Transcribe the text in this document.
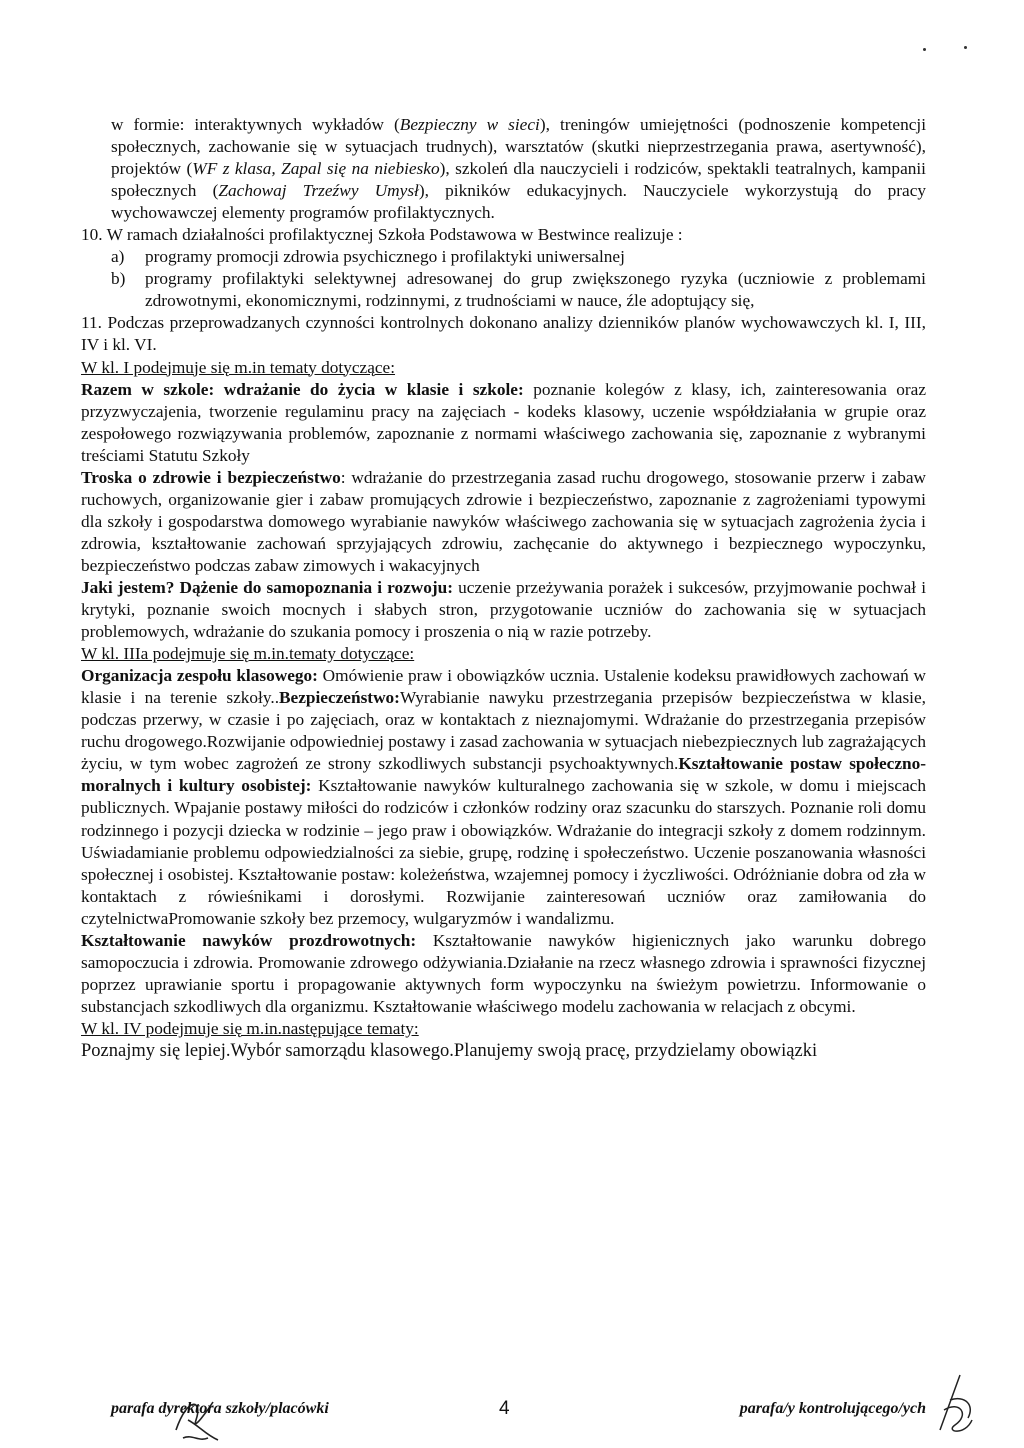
w formie: interaktywnych wykładów (Bezpieczny w sieci), treningów umiejętności (podnoszenie kompetencji społecznych, zachowanie się w sytuacjach trudnych), warsztatów (skutki nieprzestrzegania prawa, asertywność), projektów (WF z klasa, Zapal się na niebiesko), szkoleń dla nauczycieli i rodziców, spektakli teatralnych, kampanii społecznych (Zachowaj Trzeźwy Umysł), pikników edukacyjnych. Nauczyciele wykorzystują do pracy wychowawczej elementy programów profilaktycznych.

10. W ramach działalności profilaktycznej Szkoła Podstawowa w Bestwince realizuje :

a) programy promocji zdrowia psychicznego i profilaktyki uniwersalnej
b) programy profilaktyki selektywnej adresowanej do grup zwiększonego ryzyka (uczniowie z problemami zdrowotnymi, ekonomicznymi, rodzinnymi, z trudnościami w nauce, źle adoptujący się,

11. Podczas przeprowadzanych czynności kontrolnych dokonano analizy dzienników planów wychowawczych kl. I, III, IV i kl. VI.

W kl. I podejmuje się m.in tematy dotyczące:

Razem w szkole: wdrażanie do życia w klasie i szkole: poznanie kolegów z klasy, ich, zainteresowania oraz przyzwyczajenia, tworzenie regulaminu pracy na zajęciach - kodeks klasowy, uczenie współdziałania w grupie oraz zespołowego rozwiązywania problemów, zapoznanie z normami właściwego zachowania się, zapoznanie z wybranymi treściami Statutu Szkoły

Troska o zdrowie i bezpieczeństwo: wdrażanie do przestrzegania zasad ruchu drogowego, stosowanie przerw i zabaw ruchowych, organizowanie gier i zabaw promujących zdrowie i bezpieczeństwo, zapoznanie z zagrożeniami typowymi dla szkoły i gospodarstwa domowego wyrabianie nawyków właściwego zachowania się w sytuacjach zagrożenia życia i zdrowia, kształtowanie zachowań sprzyjających zdrowiu, zachęcanie do aktywnego i bezpiecznego wypoczynku, bezpieczeństwo podczas zabaw zimowych i wakacyjnych

Jaki jestem? Dążenie do samopoznania i rozwoju: uczenie przeżywania porażek i sukcesów, przyjmowanie pochwał i krytyki, poznanie swoich mocnych i słabych stron, przygotowanie uczniów do zachowania się w sytuacjach problemowych, wdrażanie do szukania pomocy i proszenia o nią w razie potrzeby.

W kl. IIIa podejmuje się m.in.tematy dotyczące:

Organizacja zespołu klasowego: Omówienie praw i obowiązków ucznia. Ustalenie kodeksu prawidłowych zachowań w klasie i na terenie szkoły..Bezpieczeństwo:Wyrabianie nawyku przestrzegania przepisów bezpieczeństwa w klasie, podczas przerwy, w czasie i po zajęciach, oraz w kontaktach z nieznajomymi. Wdrażanie do przestrzegania przepisów ruchu drogowego.Rozwijanie odpowiedniej postawy i zasad zachowania w sytuacjach niebezpiecznych lub zagrażających życiu, w tym wobec zagrożeń ze strony szkodliwych substancji psychoaktywnych.Kształtowanie postaw społeczno-moralnych i kultury osobistej: Kształtowanie nawyków kulturalnego zachowania się w szkole, w domu i miejscach publicznych. Wpajanie postawy miłości do rodziców i członków rodziny oraz szacunku do starszych. Poznanie roli domu rodzinnego i pozycji dziecka w rodzinie – jego praw i obowiązków. Wdrażanie do integracji szkoły z domem rodzinnym. Uświadamianie problemu odpowiedzialności za siebie, grupę, rodzinę i społeczeństwo. Uczenie poszanowania własności społecznej i osobistej. Kształtowanie postaw: koleżeństwa, wzajemnej pomocy i życzliwości. Odróżnianie dobra od zła w kontaktach z rówieśnikami i dorosłymi. Rozwijanie zainteresowań uczniów oraz zamiłowania do czytelnictwaPromowanie szkoły bez przemocy, wulgaryzmów i wandalizmu.

Kształtowanie nawyków prozdrowotnych: Kształtowanie nawyków higienicznych jako warunku dobrego samopoczucia i zdrowia. Promowanie zdrowego odżywiania.Działanie na rzecz własnego zdrowia i sprawności fizycznej poprzez uprawianie sportu i propagowanie aktywnych form wypoczynku na świeżym powietrzu. Informowanie o substancjach szkodliwych dla organizmu. Kształtowanie właściwego modelu zachowania w relacjach z obcymi.

W kl. IV podejmuje się m.in.następujące tematy:

Poznajmy się lepiej.Wybór samorządu klasowego.Planujemy swoją pracę, przydzielamy obowiązki

parafa dyrektora szkoły/placówki	4	parafa/y kontrolującego/ych
